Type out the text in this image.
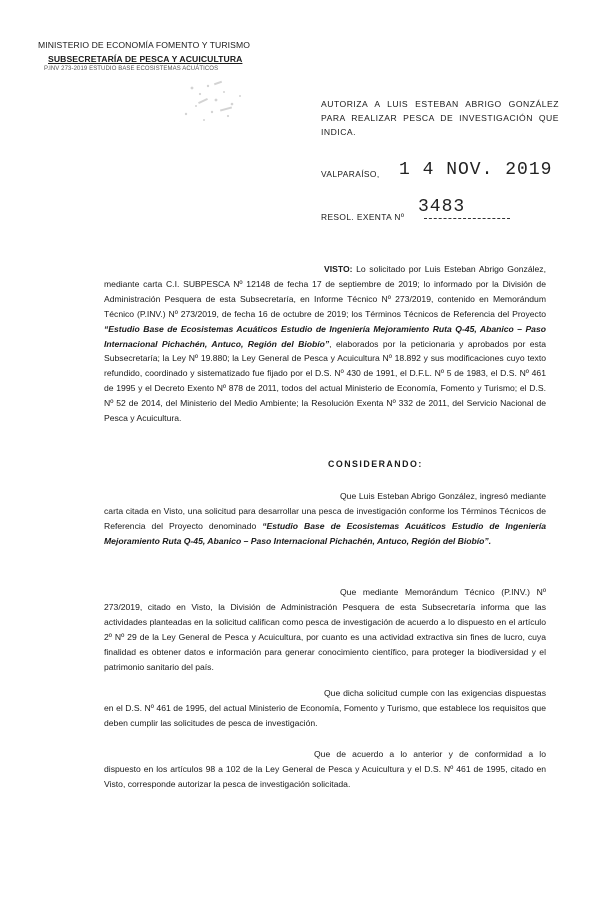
MINISTERIO DE ECONOMÍA FOMENTO Y TURISMO
SUBSECRETARÍA DE PESCA Y ACUICULTURA
P.INV 273-2019 ESTUDIO BASE ECOSISTEMAS ACUÁTICOS
AUTORIZA A LUIS ESTEBAN ABRIGO GONZÁLEZ PARA REALIZAR PESCA DE INVESTIGACIÓN QUE INDICA.
VALPARAÍSO, 1 4 NOV. 2019
RESOL. EXENTA Nº 3483
VISTO: Lo solicitado por Luis Esteban Abrigo González, mediante carta C.I. SUBPESCA Nº 12148 de fecha 17 de septiembre de 2019; lo informado por la División de Administración Pesquera de esta Subsecretaría, en Informe Técnico Nº 273/2019, contenido en Memorándum Técnico (P.INV.) Nº 273/2019, de fecha 16 de octubre de 2019; los Términos Técnicos de Referencia del Proyecto “Estudio Base de Ecosistemas Acuáticos Estudio de Ingeniería Mejoramiento Ruta Q-45, Abanico – Paso Internacional Pichachén, Antuco, Región del Biobío”, elaborados por la peticionaria y aprobados por esta Subsecretaría; la Ley Nº 19.880; la Ley General de Pesca y Acuicultura Nº 18.892 y sus modificaciones cuyo texto refundido, coordinado y sistematizado fue fijado por el D.S. Nº 430 de 1991, el D.F.L. Nº 5 de 1983, el D.S. Nº 461 de 1995 y el Decreto Exento Nº 878 de 2011, todos del actual Ministerio de Economía, Fomento y Turismo; el D.S. Nº 52 de 2014, del Ministerio del Medio Ambiente; la Resolución Exenta Nº 332 de 2011, del Servicio Nacional de Pesca y Acuicultura.
CONSIDERANDO:
Que Luis Esteban Abrigo González, ingresó mediante carta citada en Visto, una solicitud para desarrollar una pesca de investigación conforme los Términos Técnicos de Referencia del Proyecto denominado “Estudio Base de Ecosistemas Acuáticos Estudio de Ingeniería Mejoramiento Ruta Q-45, Abanico – Paso Internacional Pichachén, Antuco, Región del Biobío”.
Que mediante Memorándum Técnico (P.INV.) Nº 273/2019, citado en Visto, la División de Administración Pesquera de esta Subsecretaría informa que las actividades planteadas en la solicitud califican como pesca de investigación de acuerdo a lo dispuesto en el artículo 2º Nº 29 de la Ley General de Pesca y Acuicultura, por cuanto es una actividad extractiva sin fines de lucro, cuya finalidad es obtener datos e información para generar conocimiento científico, para proteger la biodiversidad y el patrimonio sanitario del país.
Que dicha solicitud cumple con las exigencias dispuestas en el D.S. Nº 461 de 1995, del actual Ministerio de Economía, Fomento y Turismo, que establece los requisitos que deben cumplir las solicitudes de pesca de investigación.
Que de acuerdo a lo anterior y de conformidad a lo dispuesto en los artículos 98 a 102 de la Ley General de Pesca y Acuicultura y el D.S. Nº 461 de 1995, citado en Visto, corresponde autorizar la pesca de investigación solicitada.
